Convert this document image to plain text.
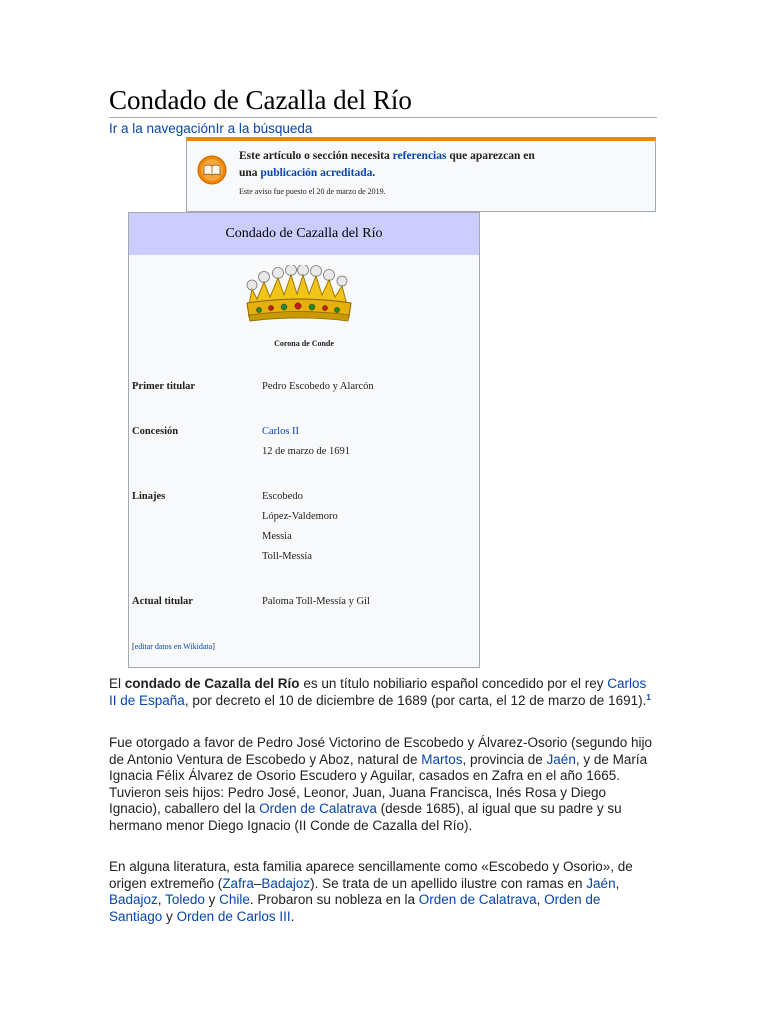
Condado de Cazalla del Río
Ir a la navegaciónIr a la búsqueda
Este artículo o sección necesita referencias que aparezcan en
una publicación acreditada.
Este aviso fue puesto el 20 de marzo de 2019.
Condado de Cazalla del Río
Corona de Conde
Primer titular	Pedro Escobedo y Alarcón
Concesión	Carlos II
12 de marzo de 1691
Linajes	Escobedo
López-Valdemoro
Messia
Toll-Messía
Actual titular	Paloma Toll-Messía y Gil
[editar datos en Wikidata]

El condado de Cazalla del Río es un título nobiliario español concedido por el rey Carlos II de España, por decreto el 10 de diciembre de 1689 (por carta, el 12 de marzo de 1691).$^1$

Fue otorgado a favor de Pedro José Victorino de Escobedo y Álvarez-Osorio (segundo hijo de Antonio Ventura de Escobedo y Aboz, natural de Martos, provincia de Jaén, y de María Ignacia Félix Álvarez de Osorio Escudero y Aguilar, casados en Zafra en el año 1665. Tuvieron seis hijos: Pedro José, Leonor, Juan, Juana Francisca, Inés Rosa y Diego Ignacio), caballero del la Orden de Calatrava (desde 1685), al igual que su padre y su hermano menor Diego Ignacio (II Conde de Cazalla del Río).

En alguna literatura, esta familia aparece sencillamente como «Escobedo y Osorio», de origen extremeño (Zafra–Badajoz). Se trata de un apellido ilustre con ramas en Jaén, Badajoz, Toledo y Chile. Probaron su nobleza en la Orden de Calatrava, Orden de Santiago y Orden de Carlos III.
